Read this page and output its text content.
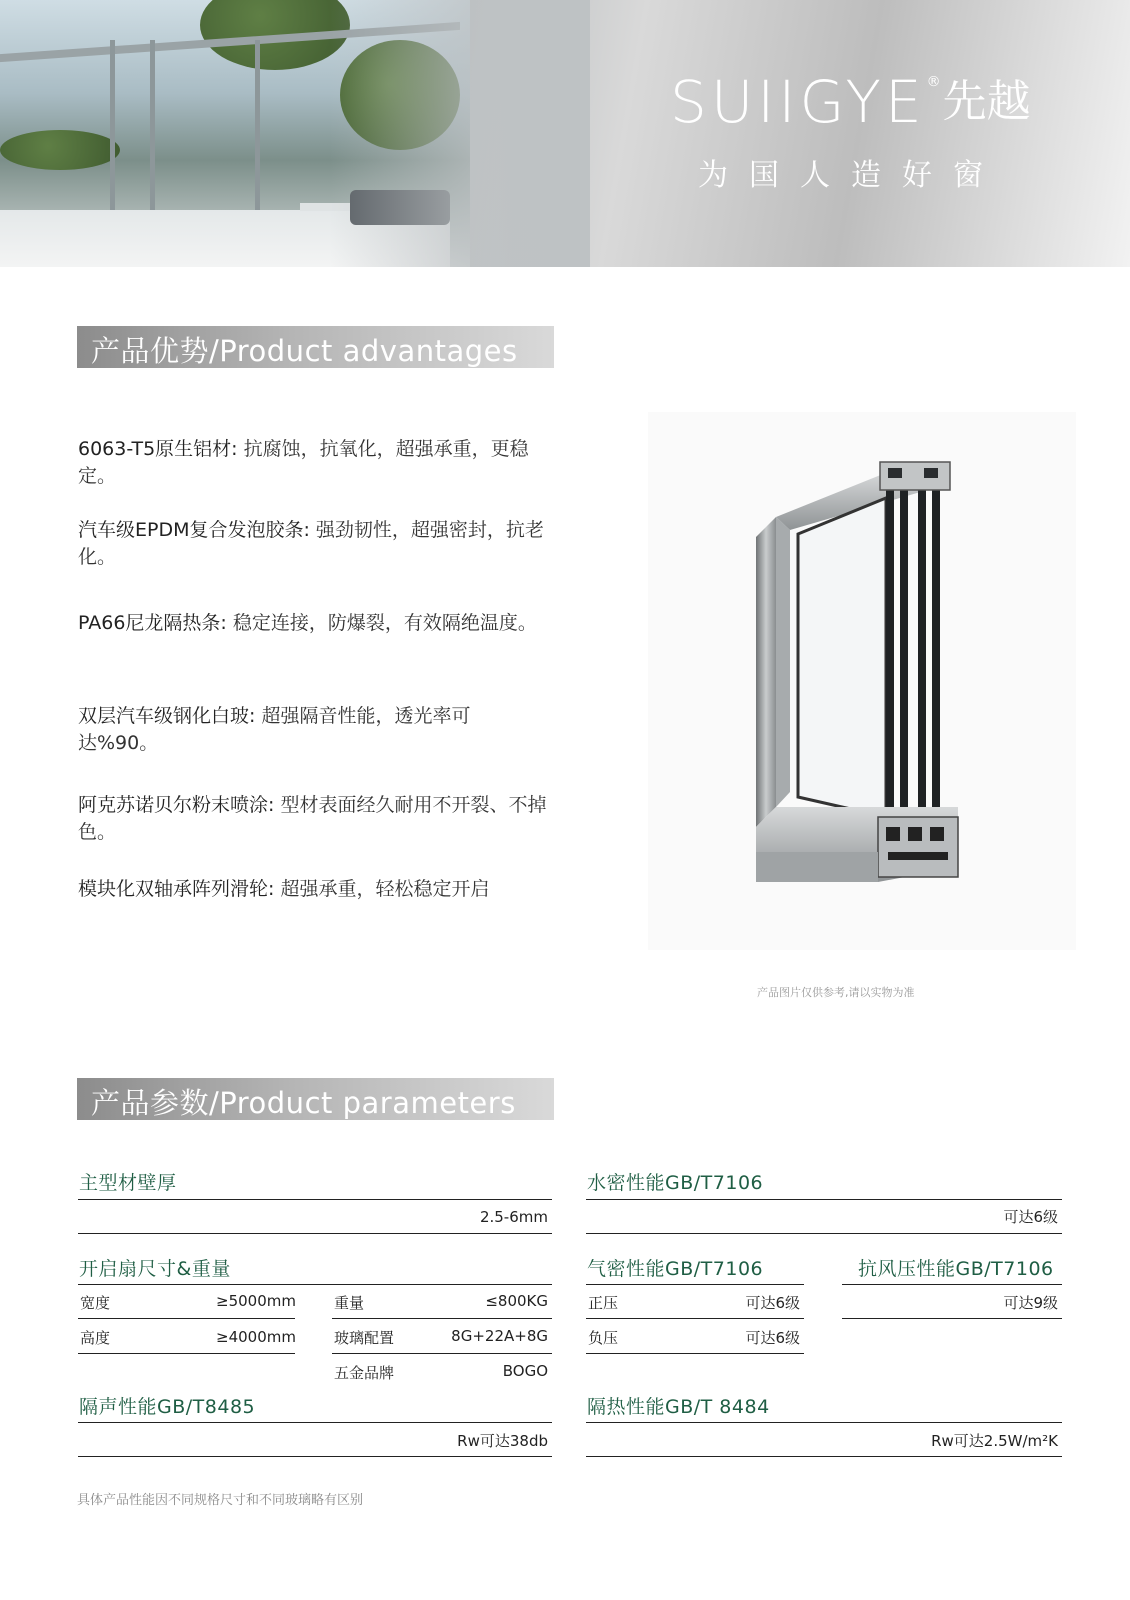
SUIIGYE ® 先越
为国人造好窗
产品优势/Product advantages
6063-T5原生铝材: 抗腐蚀，抗氧化，超强承重，更稳定。
汽车级EPDM复合发泡胶条: 强劲韧性，超强密封，抗老化。
PA66尼龙隔热条: 稳定连接，防爆裂，有效隔绝温度。
双层汽车级钢化白玻: 超强隔音性能，透光率可达%90。
阿克苏诺贝尔粉末喷涂: 型材表面经久耐用不开裂、不掉色。
模块化双轴承阵列滑轮: 超强承重，轻松稳定开启
产品图片仅供参考,请以实物为准
产品参数/Product parameters
主型材壁厚
2.5-6mm
水密性能GB/T7106
可达6级
开启扇尺寸&重量
宽度	≥5000mm	重量	≤800KG
高度	≥4000mm	玻璃配置	8G+22A+8G
五金品牌	BOGO
气密性能GB/T7106
正压	可达6级
负压	可达6级
抗风压性能GB/T7106
可达9级
隔声性能GB/T8485
Rw可达38db
隔热性能GB/T 8484
Rw可达2.5W/m²K
具体产品性能因不同规格尺寸和不同玻璃略有区别
